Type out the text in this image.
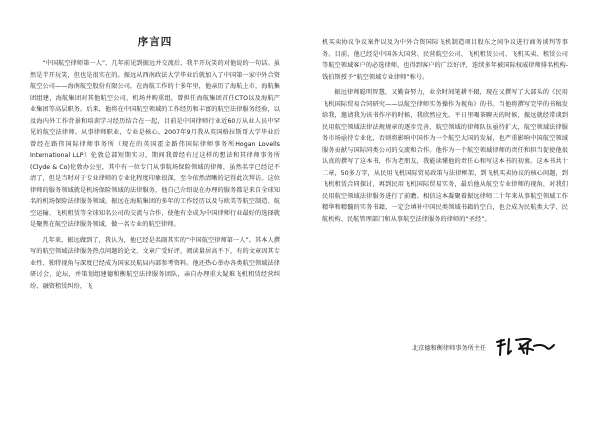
序言四

“中国航空律师第一人”，几年前见到振远并交流后，我半开玩笑的对他说的一句话。虽然是半开玩笑，但也是很实在的。振远从西南政法大学毕业后就加入了中国第一家中外合资航空公司——海南航空股份有限公司，在海航工作的十多年里，他亲历了海航上市，海航集团组建，海航集团对其他航空公司、机场并购重组，曾担任海航集团首任CTO以及海航产业集团等高层职务。后来，他将在中国航空领域的工作经历和丰富的航空法律服务经验，以及海内外工作背景和培训学习经历结合在一起，目前是中国律师行业近60万从业人员中罕见的航空法律师。从事律师职业，专业是核心。2007年9月我从英国格拉斯哥大学毕业后曾经在路伟国际律师事务所（现在的英国霍金路伟国际律师事务所Hogan Lovells International LLP）伦敦总部短期实习，期间我曾经有过这样的想法和其律师事务所(Clyde & Co)伦敦办公室，其中有一位专门从事航场保险领域的律师，虽然名字已经记不清了，但是当时对于专业律师的专业化程度印象很深，至今依然清晰的记得此次拜访。这位律师的服务领域就是机场保险领域的法律服务，他自己介绍说在办理的服务都是来自全球知名的机场保险法律服务领域。振远在海航集团的多年的工作经历以及与欧美等航空制造、航空运输、飞机租赁等全球知名公司的交流与合作，使他有幸成为中国律师行业最好的选择就是聚焦在航空法律服务领域，做一名专业的航空律师。

几年来，振远做到了，我认为，他已经是名副其实的“中国航空律师第一人”。其本人撰写的航空领域法律服务热点问题的论文、文章广受好评，阅读量居高不下，有的文章因其专业性、独特视角与深度已经成为国家民航局内部参考资料。他还热心举办各类航空领域法律研讨会，论坛，并策划组建德和衡航空法律服务团队，亲自办理重大疑难飞机租赁经营纠纷、融资租赁纠纷，飞

机买卖协议争议案件以及为中外合资国际飞机制造项目股东之间争议进行商务谈判等事务。目前，他已经是中国各大国营、民营航空公司、飞机租赁公司、飞机买卖、租赁公司等航空领域客户的必选律师，也得到客户的广泛好评，连续多年被国际权威律师排名机构-钱伯斯授予“航空领域专业律师”称号。

振远律师聪明智慧，又勤奋努力，业余时间笔耕不辍，现在又撰写了大部头的《民用飞机国际贸易合同研究——以航空律师实务操作为视角》的书。当他将撰写完毕的书稿发给我，邀请我为该书作序的时候，我欣然应允。平日里喝茶聊天的时候，振远就经常谈到民用航空领域法律法规规章的逐步完善，航空领域的律师队伍亟待扩大，航空领域法律服务市场亟待专业化，否则将影响中国作为一个航空大国的发展，也严重影响中国航空领域服务贡献与国际同类公司的交流和合作。他作为一个航空领域律师的责任和担当促使他很认真的撰写了这本书，作为老朋友，我能读懂他的责任心和写这本书的初衷。这本书共十二章，50多万字，从民用飞机国际贸易政策与法律框架，到飞机买卖协议的核心问题，到飞机租赁合同探讨，再到民用飞机国际贸易实务，最后他从航空专业律师的视角，对我们民用航空领域法律服务进行了前瞻。相信这本凝聚着振远律师二十年来从事航空领域工作精华和精髓的实务书籍，一定会填补中国民类领域书籍的空白，也会成为民航类大学、民航机构、民航管理部门和从事航空法律服务的律师的“圣经”。

北京德和衡律师事务所主任
